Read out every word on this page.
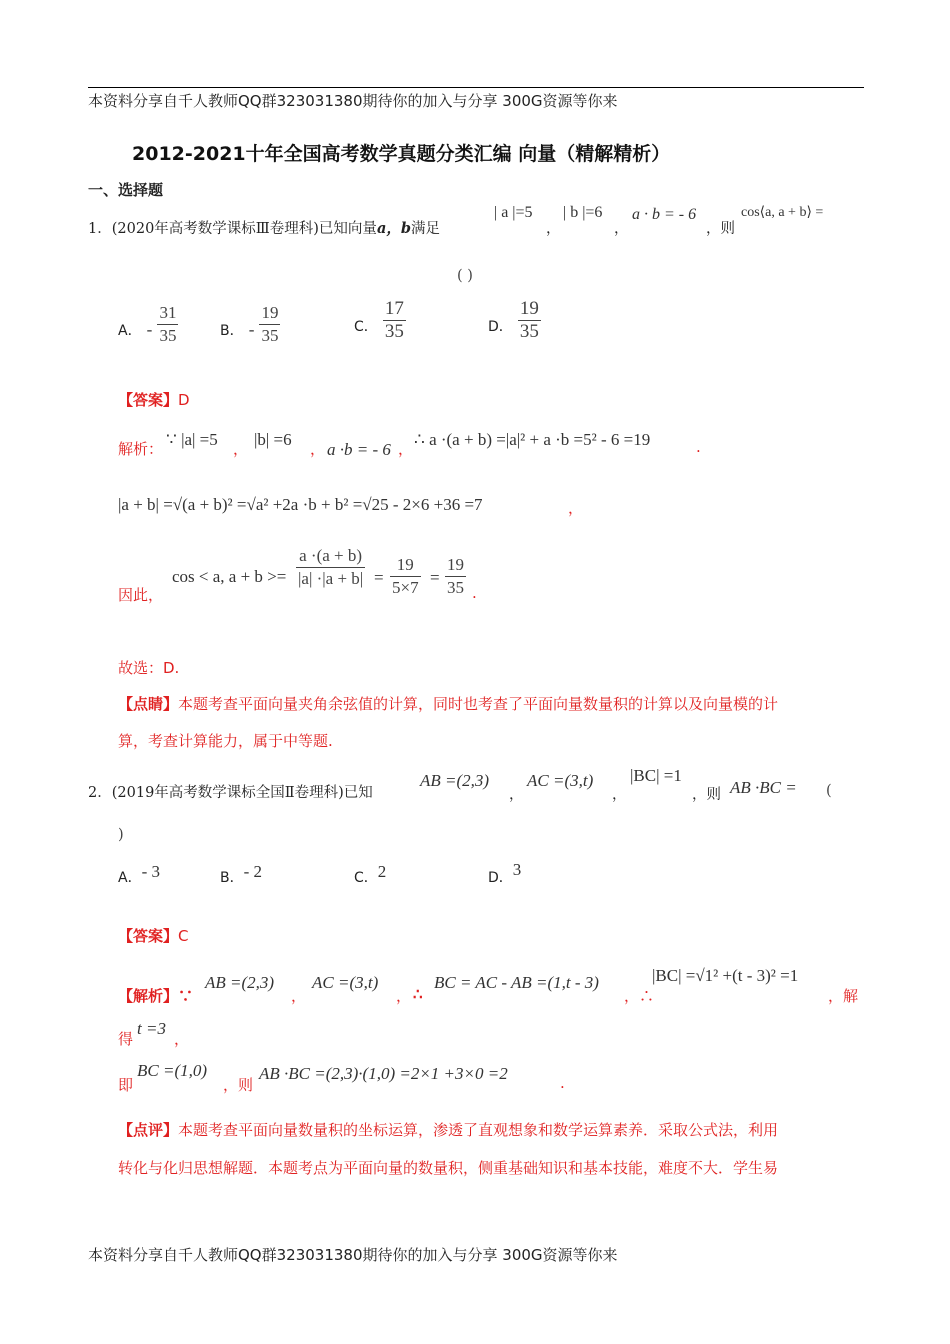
本资料分享自千人教师QQ群323031380期待你的加入与分享 300G资源等你来
2012-2021十年全国高考数学真题分类汇编 向量（精解精析）
一、选择题
1．(2020年高考数学课标Ⅲ卷理科)已知向量a，b满足
| a |=5
，
| b |=6
，
a · b = - 6
，则
cos⟨a, a + b⟩ =
( )
A． - $\frac{31}{35}$	B． - $\frac{19}{35}$	C． $\frac{17}{35}$	D． $\frac{19}{35}$
【答案】D
解析： ∵ |a| =5 ， |b| =6 ， a ·b = - 6 ， ∴ a ·(a + b) =|a|² + a ·b =5² - 6 =19	.
|a + b| =√(a + b)² =√a² +2a ·b + b² =√25 - 2×6 +36 =7	，
因此，
cos < a, $a + b >= \frac{a \cdot(a + b)}{|a| \cdot|a + b|} = \frac{19}{5\times 7} = \frac{19}{35}$ .
故选：D.
【点睛】本题考查平面向量夹角余弦值的计算，同时也考查了平面向量数量积的计算以及向量模的计
算，考查计算能力，属于中等题.
2．(2019年高考数学课标全国Ⅱ卷理科)已知
AB =(2,3)
，
AC =(3,t)
，
|BC| =1
，则 AB ·BC = (
)
A．- 3	B．- 2	C．2	D．3
【答案】C
【解析】∵
AB =(2,3)
，
AC =(3,t)
， ∴
BC = AC - AB =(1,t - 3)
，∴
|BC| =√1² +(t - 3)² =1
，解
得
t =3
，
即
BC =(1,0)
，则
AB ·BC =(2,3)·(1,0) =2×1 +3×0 =2	.
【点评】本题考查平面向量数量积的坐标运算，渗透了直观想象和数学运算素养．采取公式法，利用
转化与化归思想解题．本题考点为平面向量的数量积，侧重基础知识和基本技能，难度不大．学生易
本资料分享自千人教师QQ群323031380期待你的加入与分享 300G资源等你来
